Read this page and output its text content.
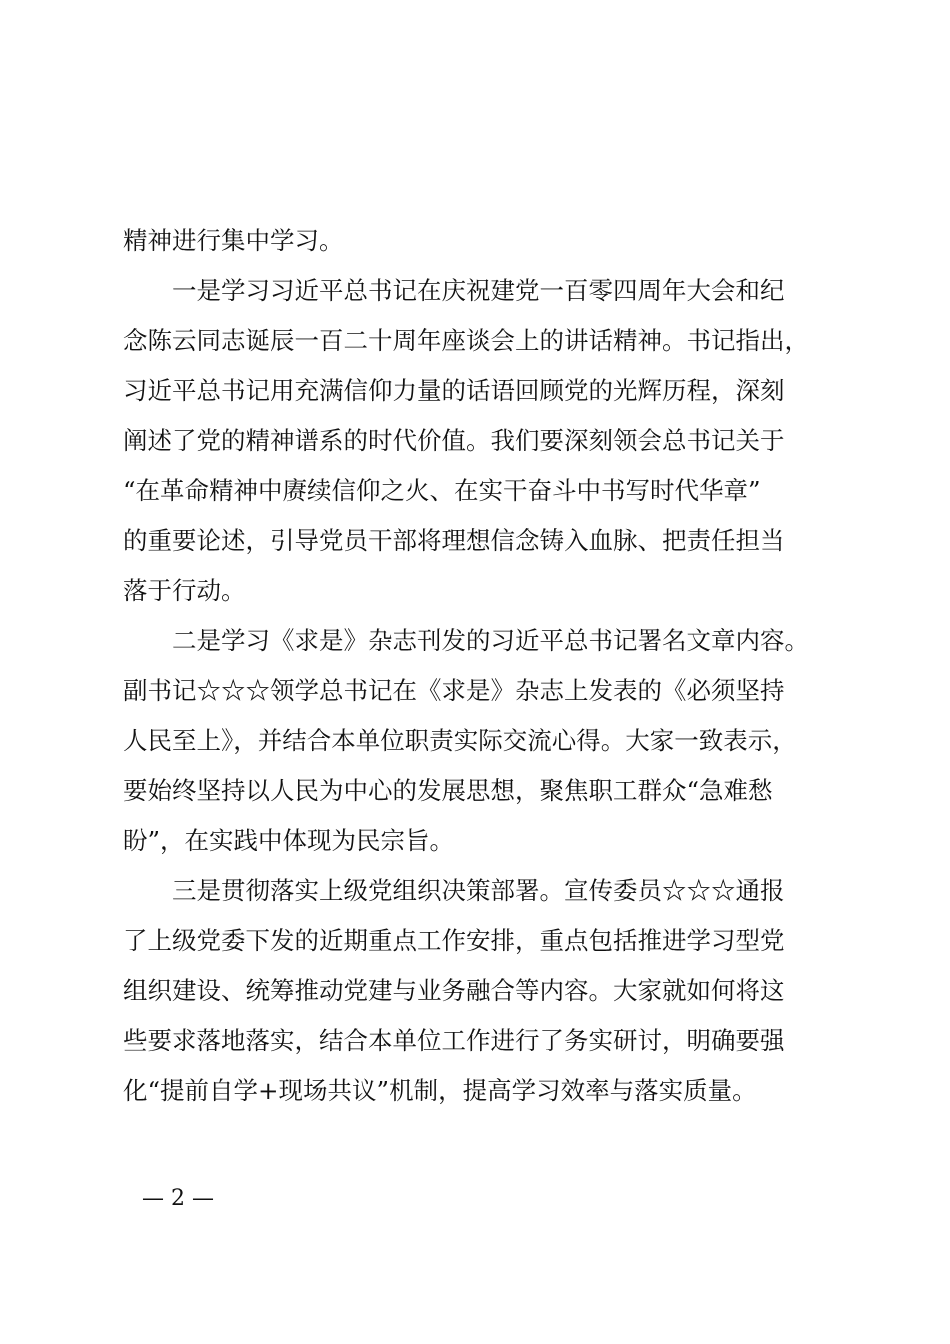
精神进行集中学习。
　　一是学习习近平总书记在庆祝建党一百零四周年大会和纪
念陈云同志诞辰一百二十周年座谈会上的讲话精神。书记指出，
习近平总书记用充满信仰力量的话语回顾党的光辉历程，深刻
阐述了党的精神谱系的时代价值。我们要深刻领会总书记关于
“在革命精神中赓续信仰之火、在实干奋斗中书写时代华章”
的重要论述，引导党员干部将理想信念铸入血脉、把责任担当
落于行动。
　　二是学习《求是》杂志刊发的习近平总书记署名文章内容。
副书记☆☆☆领学总书记在《求是》杂志上发表的《必须坚持
人民至上》，并结合本单位职责实际交流心得。大家一致表示，
要始终坚持以人民为中心的发展思想，聚焦职工群众“急难愁
盼”，在实践中体现为民宗旨。
　　三是贯彻落实上级党组织决策部署。宣传委员☆☆☆通报
了上级党委下发的近期重点工作安排，重点包括推进学习型党
组织建设、统筹推动党建与业务融合等内容。大家就如何将这
些要求落地落实，结合本单位工作进行了务实研讨，明确要强
化“提前自学+现场共议”机制，提高学习效率与落实质量。
— 2 —
